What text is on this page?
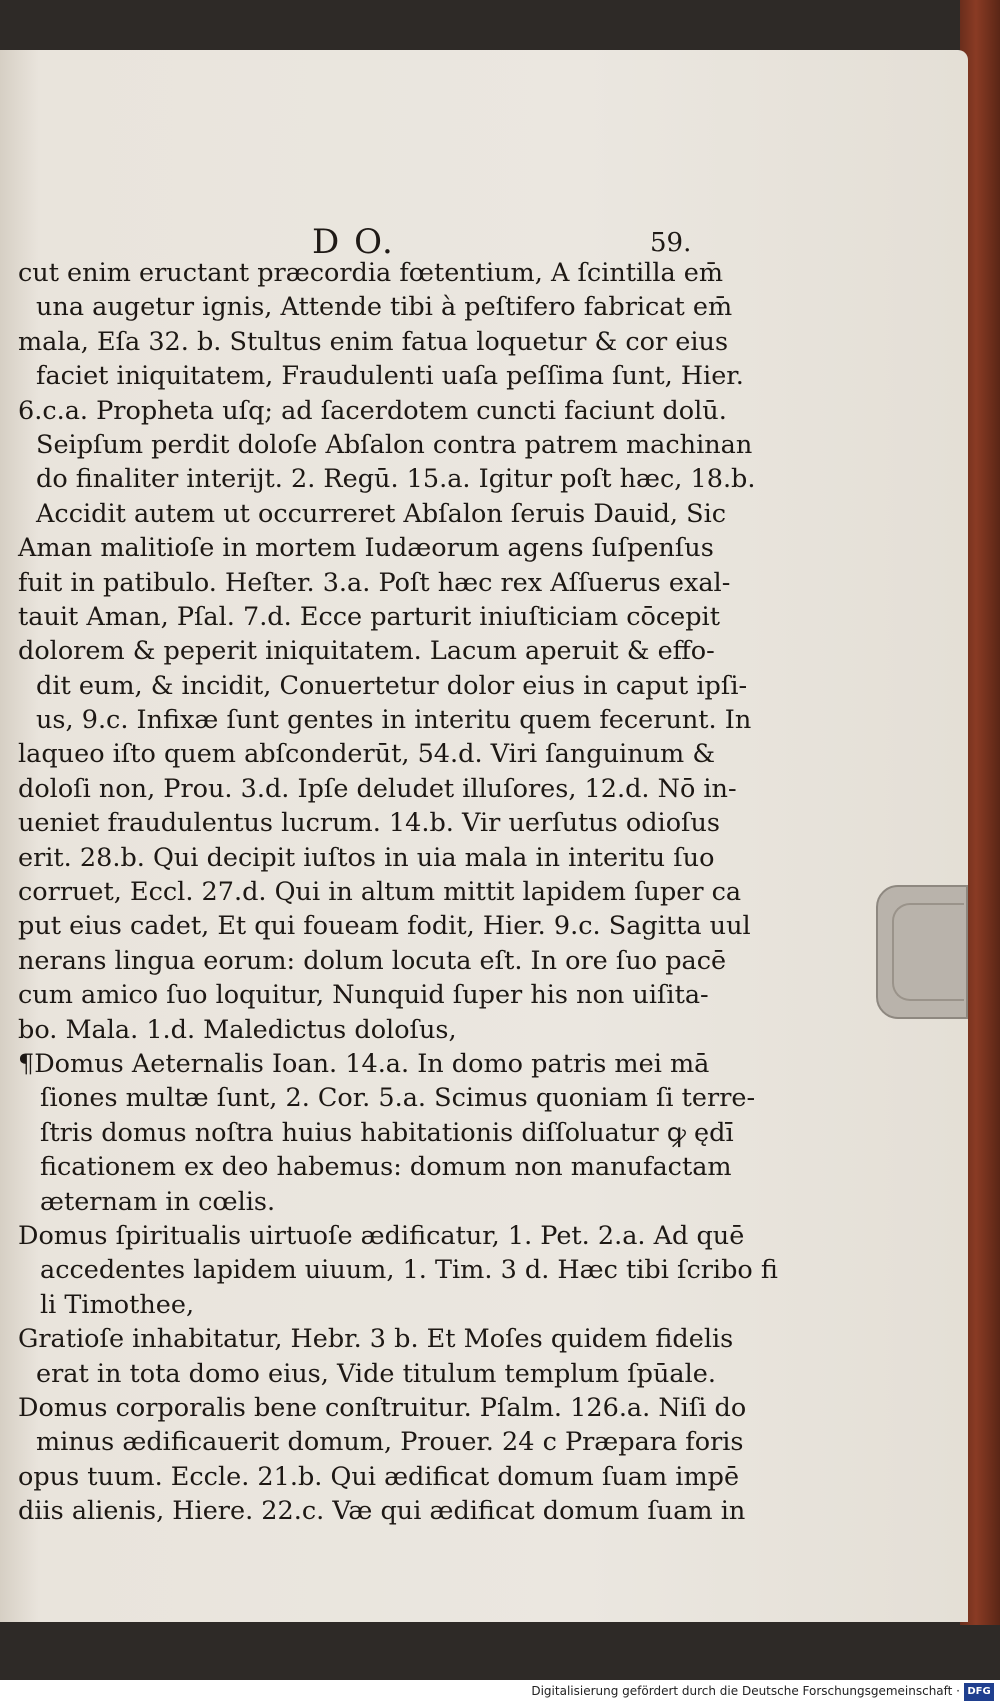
D O.	59.
cut enim eructant præcordia fœtentium, A ſcintilla em̄
una augetur ignis, Attende tibi à peſtifero fabricat em̄
mala, Eſa 32. b. Stultus enim fatua loquetur & cor eius
faciet iniquitatem, Fraudulenti uaſa peſſima ſunt, Hier.
6.c.a. Propheta uſq; ad ſacerdotem cuncti faciunt dolū.
Seipſum perdit doloſe Abſalon contra patrem machinan
do finaliter interijt. 2. Regū. 15.a. Igitur poſt hæc, 18.b.
Accidit autem ut occurreret Abſalon ſeruis Dauid, Sic
Aman malitioſe in mortem Iudæorum agens ſuſpenſus
fuit in patibulo. Heſter. 3.a. Poſt hæc rex Aſſuerus exal-
tauit Aman, Pſal. 7.d. Ecce parturit iniuſticiam cōcepit
dolorem & peperit iniquitatem. Lacum aperuit & effo-
dit eum, & incidit, Conuertetur dolor eius in caput ipſi-
us, 9.c. Infixæ ſunt gentes in interitu quem fecerunt. In
laqueo iſto quem abſconderūt, 54.d. Viri ſanguinum &
doloſi non, Prou. 3.d. Ipſe deludet illuſores, 12.d. Nō in-
ueniet fraudulentus lucrum. 14.b. Vir uerſutus odioſus
erit. 28.b. Qui decipit iuſtos in uia mala in interitu ſuo
corruet, Eccl. 27.d. Qui in altum mittit lapidem ſuper ca
put eius cadet, Et qui foueam fodit, Hier. 9.c. Sagitta uul
nerans lingua eorum: dolum locuta eſt. In ore ſuo pacē
cum amico ſuo loquitur, Nunquid ſuper his non uiſita-
bo. Mala. 1.d. Maledictus doloſus,
¶Domus Aeternalis Ioan. 14.a. In domo patris mei mā
ſiones multæ ſunt, 2. Cor. 5.a. Scimus quoniam ſi terre-
ſtris domus noſtra huius habitationis diſſoluatur ꝙ ędī
ficationem ex deo habemus: domum non manufactam
æternam in cœlis.
Domus ſpiritualis uirtuoſe ædificatur, 1. Pet. 2.a. Ad quē
accedentes lapidem uiuum, 1. Tim. 3 d. Hæc tibi ſcribo fi
li Timothee,
Gratioſe inhabitatur, Hebr. 3 b. Et Moſes quidem fidelis
erat in tota domo eius, Vide titulum templum ſpūale.
Domus corporalis bene conſtruitur. Pſalm. 126.a. Niſi do
minus ædificauerit domum, Prouer. 24 c Præpara foris
opus tuum. Eccle. 21.b. Qui ædificat domum ſuam impē
diis alienis, Hiere. 22.c. Væ qui ædificat domum ſuam in
Digitalisierung gefördert durch die Deutsche Forschungsgemeinschaft · DFG
